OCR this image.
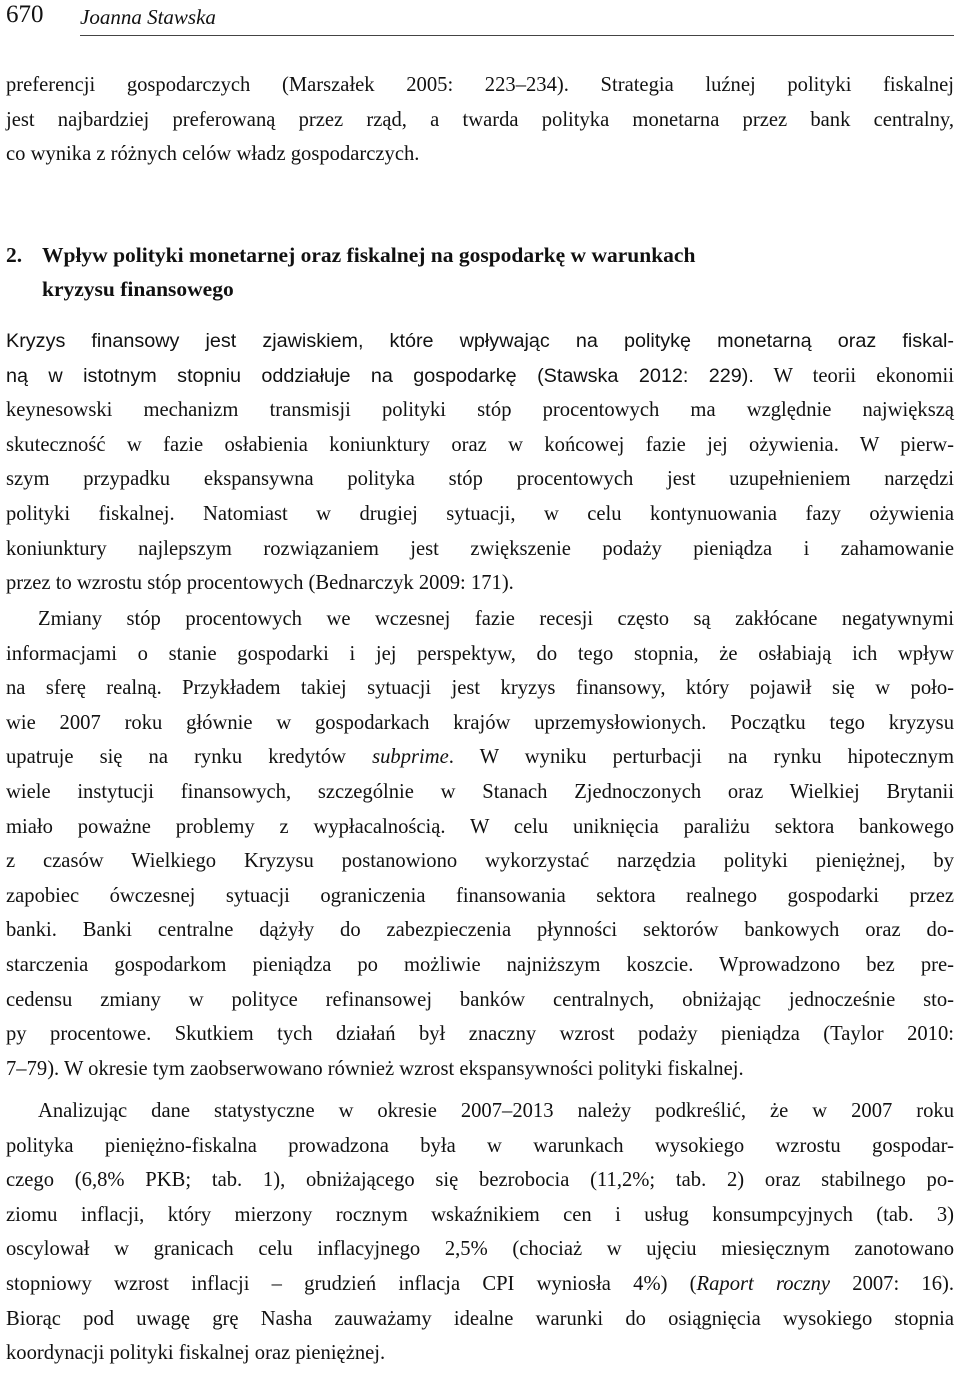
670 Joanna Stawska
preferencji gospodarczych (Marszałek 2005: 223–234). Strategia luźnej polityki fiskalnej
jest najbardziej preferowaną przez rząd, a twarda polityka monetarna przez bank centralny,
co wynika z różnych celów władz gospodarczych.
2. Wpływ polityki monetarnej oraz fiskalnej na gospodarkę w warunkach
kryzysu finansowego
Kryzys finansowy jest zjawiskiem, które wpływając na politykę monetarną oraz fiskal-
ną w istotnym stopniu oddziałuje na gospodarkę (Stawska 2012: 229). W teorii ekonomii
keynesowski mechanizm transmisji polityki stóp procentowych ma względnie największą
skuteczność w fazie osłabienia koniunktury oraz w końcowej fazie jej ożywienia. W pierw-
szym przypadku ekspansywna polityka stóp procentowych jest uzupełnieniem narzędzi
polityki fiskalnej. Natomiast w drugiej sytuacji, w celu kontynuowania fazy ożywienia
koniunktury najlepszym rozwiązaniem jest zwiększenie podaży pieniądza i zahamowanie
przez to wzrostu stóp procentowych (Bednarczyk 2009: 171).
Zmiany stóp procentowych we wczesnej fazie recesji często są zakłócane negatywnymi
informacjami o stanie gospodarki i jej perspektyw, do tego stopnia, że osłabiają ich wpływ
na sferę realną. Przykładem takiej sytuacji jest kryzys finansowy, który pojawił się w poło-
wie 2007 roku głównie w gospodarkach krajów uprzemysłowionych. Początku tego kryzysu
upatruje się na rynku kredytów subprime. W wyniku perturbacji na rynku hipotecznym
wiele instytucji finansowych, szczególnie w Stanach Zjednoczonych oraz Wielkiej Brytanii
miało poważne problemy z wypłacalnością. W celu uniknięcia paraliżu sektora bankowego
z czasów Wielkiego Kryzysu postanowiono wykorzystać narzędzia polityki pieniężnej, by
zapobiec ówczesnej sytuacji ograniczenia finansowania sektora realnego gospodarki przez
banki. Banki centralne dążyły do zabezpieczenia płynności sektorów bankowych oraz do-
starczenia gospodarkom pieniądza po możliwie najniższym koszcie. Wprowadzono bez pre-
cedensu zmiany w polityce refinansowej banków centralnych, obniżając jednocześnie sto-
py procentowe. Skutkiem tych działań był znaczny wzrost podaży pieniądza (Taylor 2010:
7–79). W okresie tym zaobserwowano również wzrost ekspansywności polityki fiskalnej.
Analizując dane statystyczne w okresie 2007–2013 należy podkreślić, że w 2007 roku
polityka pieniężno-fiskalna prowadzona była w warunkach wysokiego wzrostu gospodar-
czego (6,8% PKB; tab. 1), obniżającego się bezrobocia (11,2%; tab. 2) oraz stabilnego po-
ziomu inflacji, który mierzony rocznym wskaźnikiem cen i usług konsumpcyjnych (tab. 3)
oscylował w granicach celu inflacyjnego 2,5% (chociaż w ujęciu miesięcznym zanotowano
stopniowy wzrost inflacji – grudzień inflacja CPI wyniosła 4%) (Raport roczny 2007: 16).
Biorąc pod uwagę grę Nasha zauważamy idealne warunki do osiągnięcia wysokiego stopnia
koordynacji polityki fiskalnej oraz pieniężnej.
